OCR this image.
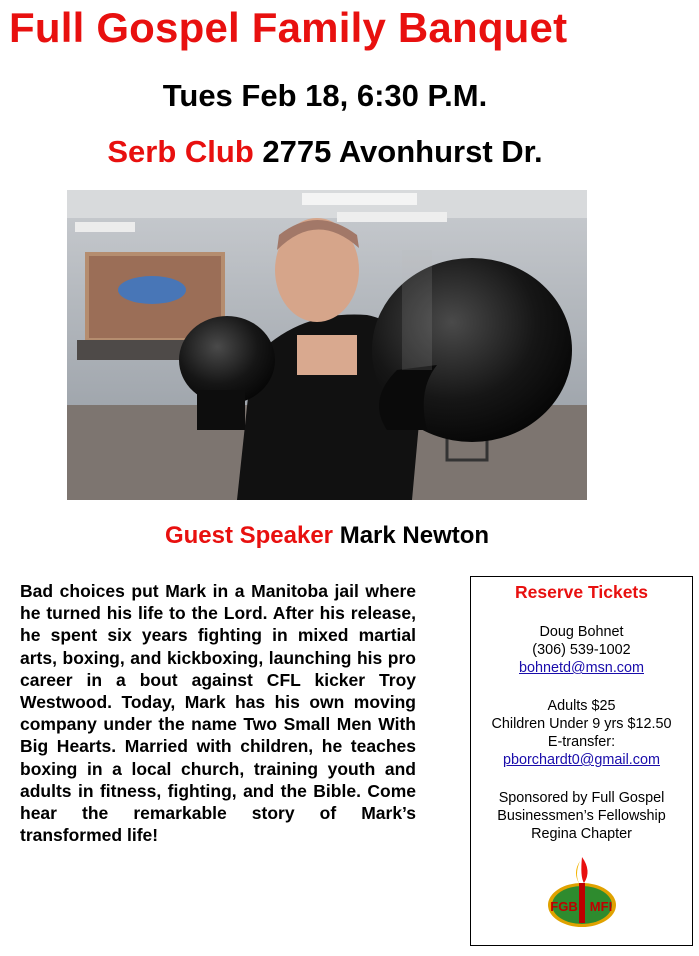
Full Gospel Family Banquet
Tues Feb 18, 6:30 P.M.
Serb Club 2775 Avonhurst Dr.
Guest Speaker Mark Newton
Bad choices put Mark in a Manitoba jail where he turned his life to the Lord. After his release, he spent six years fighting in mixed martial arts, boxing, and kickboxing, launching his pro career in a bout against CFL kicker Troy Westwood. Today, Mark has his own moving company under the name Two Small Men With Big Hearts. Married with children, he teaches boxing in a local church, training youth and adults in fitness, fighting, and the Bible. Come hear the remarkable story of Mark’s transformed life!
Reserve Tickets
Doug Bohnet
(306) 539-1002
bohnetd@msn.com
Adults $25
Children Under 9 yrs $12.50
E-transfer:
pborchardt0@gmail.com
Sponsored by Full Gospel
Businessmen’s Fellowship
Regina Chapter
FGB MFI
